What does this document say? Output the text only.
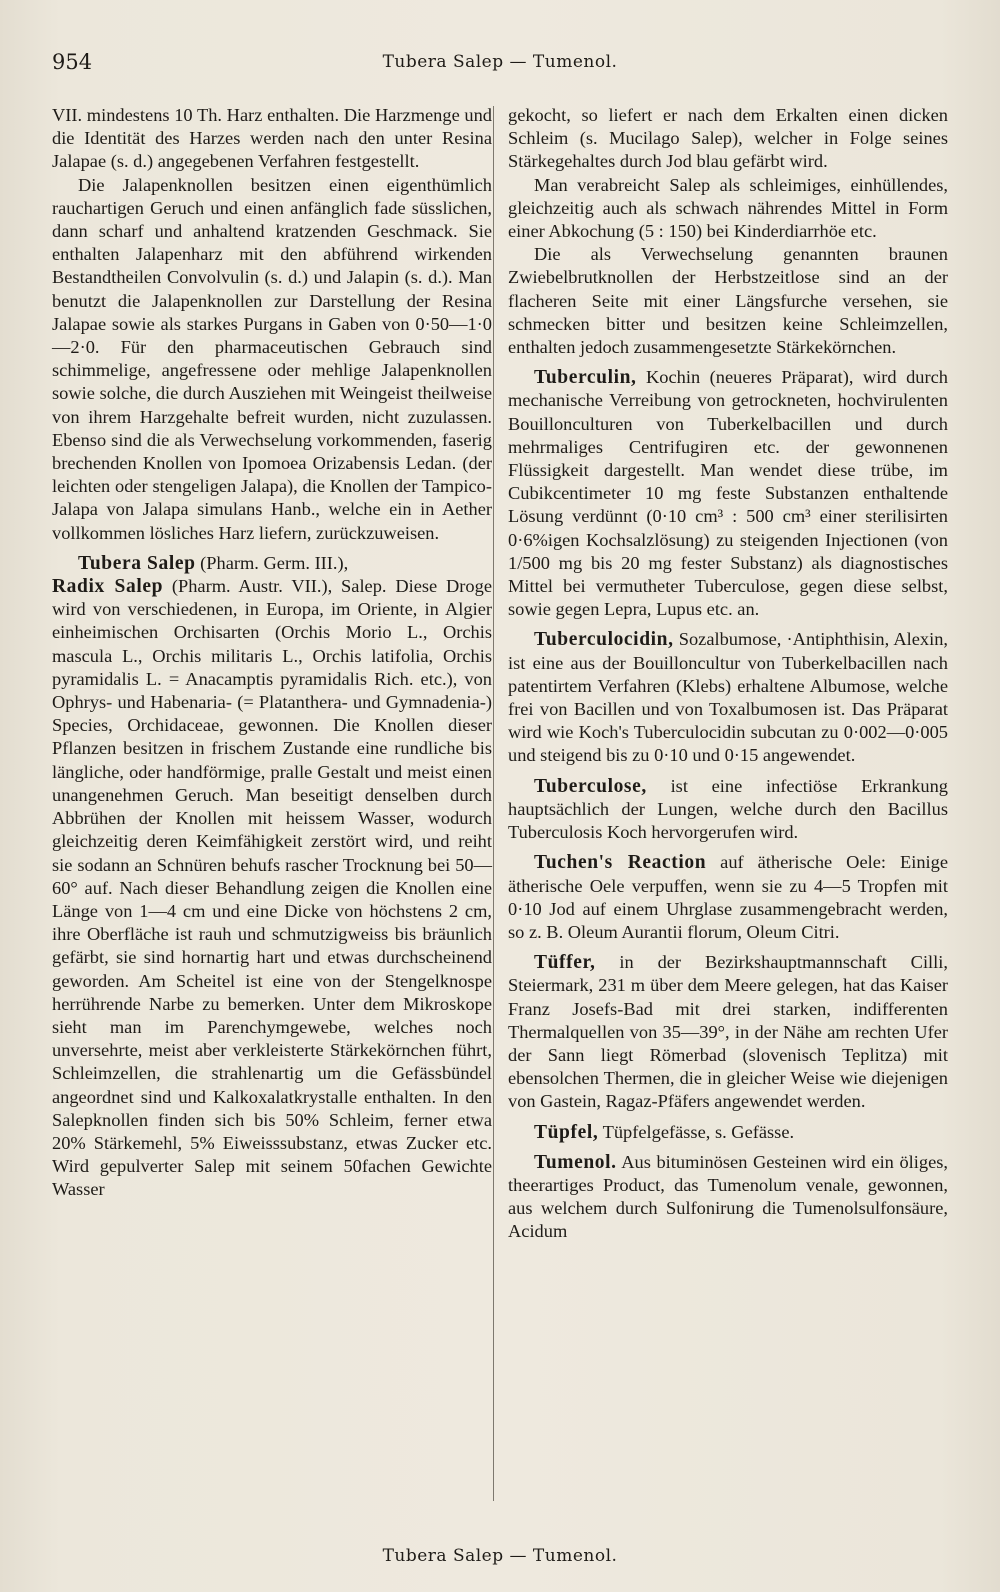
954	Tubera Salep — Tumenol.

VII. mindestens 10 Th. Harz enthalten. Die Harzmenge und die Identität des Harzes werden nach den unter Resina Jalapae (s. d.) angegebenen Verfahren festgestellt.

Die Jalapenknollen besitzen einen eigenthümlich rauchartigen Geruch und einen anfänglich fade süsslichen, dann scharf und anhaltend kratzenden Geschmack. Sie enthalten Jalapenharz mit den abführend wirkenden Bestandtheilen Convolvulin (s. d.) und Jalapin (s. d.). Man benutzt die Jalapenknollen zur Darstellung der Resina Jalapae sowie als starkes Purgans in Gaben von 0·50—1·0—2·0. Für den pharmaceutischen Gebrauch sind schimmelige, angefressene oder mehlige Jalapenknollen sowie solche, die durch Ausziehen mit Weingeist theilweise von ihrem Harzgehalte befreit wurden, nicht zuzulassen. Ebenso sind die als Verwechselung vorkommenden, faserig brechenden Knollen von Ipomoea Orizabensis Ledan. (der leichten oder stengeligen Jalapa), die Knollen der Tampico-Jalapa von Jalapa simulans Hanb., welche ein in Aether vollkommen lösliches Harz liefern, zurückzuweisen.

Tubera Salep (Pharm. Germ. III.),
Radix Salep (Pharm. Austr. VII.), Salep. Diese Droge wird von verschiedenen, in Europa, im Oriente, in Algier einheimischen Orchisarten (Orchis Morio L., Orchis mascula L., Orchis militaris L., Orchis latifolia, Orchis pyramidalis L. = Anacamptis pyramidalis Rich. etc.), von Ophrys- und Habenaria- (= Platanthera- und Gymnadenia-) Species, Orchidaceae, gewonnen. Die Knollen dieser Pflanzen besitzen in frischem Zustande eine rundliche bis längliche, oder handförmige, pralle Gestalt und meist einen unangenehmen Geruch. Man beseitigt denselben durch Abbrühen der Knollen mit heissem Wasser, wodurch gleichzeitig deren Keimfähigkeit zerstört wird, und reiht sie sodann an Schnüren behufs rascher Trocknung bei 50—60° auf. Nach dieser Behandlung zeigen die Knollen eine Länge von 1—4 cm und eine Dicke von höchstens 2 cm, ihre Oberfläche ist rauh und schmutzigweiss bis bräunlich gefärbt, sie sind hornartig hart und etwas durchscheinend geworden. Am Scheitel ist eine von der Stengelknospe herrührende Narbe zu bemerken. Unter dem Mikroskope sieht man im Parenchymgewebe, welches noch unversehrte, meist aber verkleisterte Stärkekörnchen führt, Schleimzellen, die strahlenartig um die Gefässbündel angeordnet sind und Kalkoxalatkrystalle enthalten. In den Salepknollen finden sich bis 50% Schleim, ferner etwa 20% Stärkemehl, 5% Eiweisssubstanz, etwas Zucker etc. Wird gepulverter Salep mit seinem 50fachen Gewichte Wasser

gekocht, so liefert er nach dem Erkalten einen dicken Schleim (s. Mucilago Salep), welcher in Folge seines Stärkegehaltes durch Jod blau gefärbt wird.

Man verabreicht Salep als schleimiges, einhüllendes, gleichzeitig auch als schwach nährendes Mittel in Form einer Abkochung (5 : 150) bei Kinderdiarrhöe etc.

Die als Verwechselung genannten braunen Zwiebelbrutknollen der Herbstzeitlose sind an der flacheren Seite mit einer Längsfurche versehen, sie schmecken bitter und besitzen keine Schleimzellen, enthalten jedoch zusammengesetzte Stärkekörnchen.

Tuberculin, Kochin (neueres Präparat), wird durch mechanische Verreibung von getrockneten, hochvirulenten Bouillonculturen von Tuberkelbacillen und durch mehrmaliges Centrifugiren etc. der gewonnenen Flüssigkeit dargestellt. Man wendet diese trübe, im Cubikcentimeter 10 mg feste Substanzen enthaltende Lösung verdünnt (0·10 cm³ : 500 cm³ einer sterilisirten 0·6%igen Kochsalzlösung) zu steigenden Injectionen (von 1/500 mg bis 20 mg fester Substanz) als diagnostisches Mittel bei vermutheter Tuberculose, gegen diese selbst, sowie gegen Lepra, Lupus etc. an.

Tuberculocidin, Sozalbumose, ·Antiphthisin, Alexin, ist eine aus der Bouilloncultur von Tuberkelbacillen nach patentirtem Verfahren (Klebs) erhaltene Albumose, welche frei von Bacillen und von Toxalbumosen ist. Das Präparat wird wie Koch's Tuberculocidin subcutan zu 0·002—0·005 und steigend bis zu 0·10 und 0·15 angewendet.

Tuberculose, ist eine infectiöse Erkrankung hauptsächlich der Lungen, welche durch den Bacillus Tuberculosis Koch hervorgerufen wird.

Tuchen's Reaction auf ätherische Oele: Einige ätherische Oele verpuffen, wenn sie zu 4—5 Tropfen mit 0·10 Jod auf einem Uhrglase zusammengebracht werden, so z. B. Oleum Aurantii florum, Oleum Citri.

Tüffer, in der Bezirkshauptmannschaft Cilli, Steiermark, 231 m über dem Meere gelegen, hat das Kaiser Franz Josefs-Bad mit drei starken, indifferenten Thermalquellen von 35—39°, in der Nähe am rechten Ufer der Sann liegt Römerbad (slovenisch Teplitza) mit ebensolchen Thermen, die in gleicher Weise wie diejenigen von Gastein, Ragaz-Pfäfers angewendet werden.

Tüpfel, Tüpfelgefässe, s. Gefässe.

Tumenol. Aus bituminösen Gesteinen wird ein öliges, theerartiges Product, das Tumenolum venale, gewonnen, aus welchem durch Sulfonirung die Tumenolsulfonsäure, Acidum

Tubera Salep — Tumenol.
